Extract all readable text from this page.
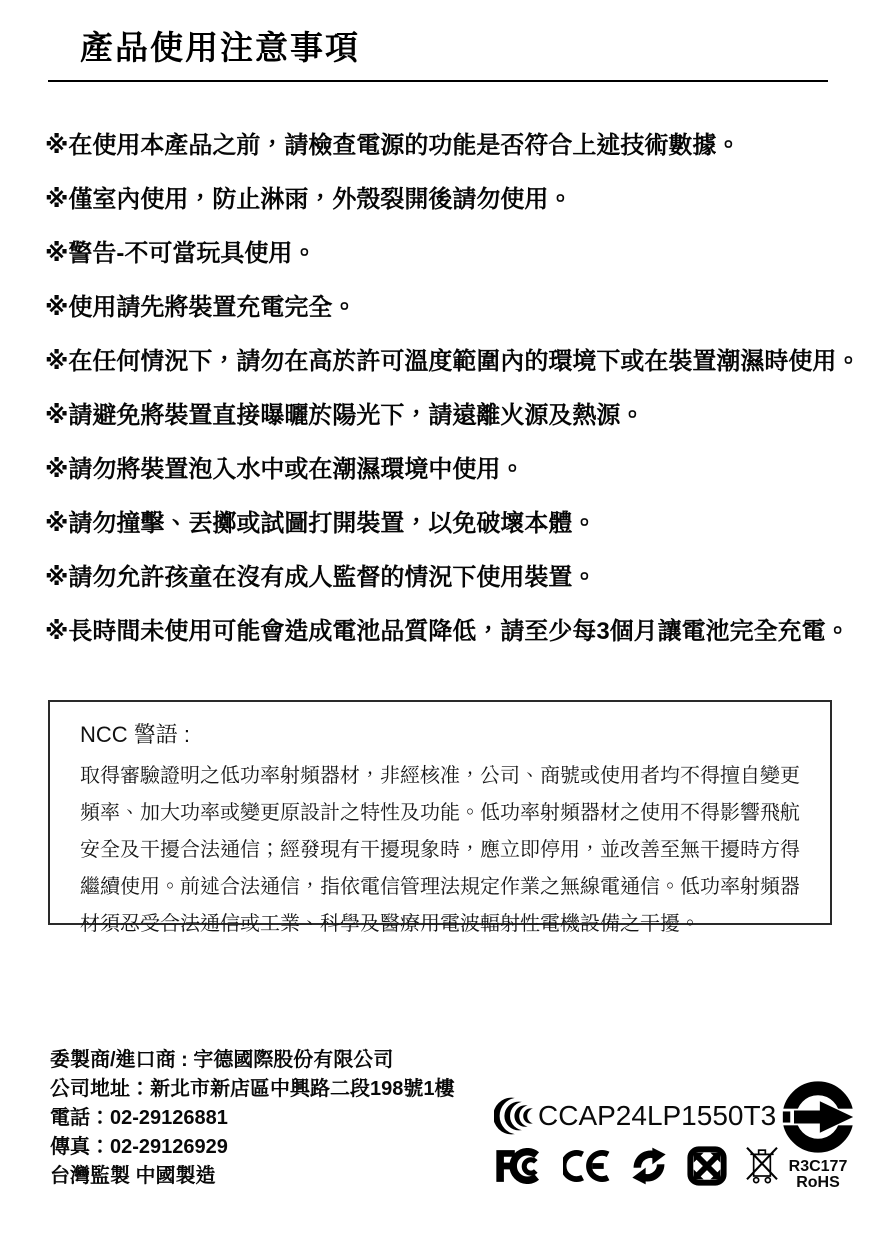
產品使用注意事項
※在使用本產品之前，請檢查電源的功能是否符合上述技術數據。
※僅室內使用，防止淋雨，外殼裂開後請勿使用。
※警告-不可當玩具使用。
※使用請先將裝置充電完全。
※在任何情況下，請勿在高於許可溫度範圍內的環境下或在裝置潮濕時使用。
※請避免將裝置直接曝曬於陽光下，請遠離火源及熱源。
※請勿將裝置泡入水中或在潮濕環境中使用。
※請勿撞擊、丟擲或試圖打開裝置，以免破壞本體。
※請勿允許孩童在沒有成人監督的情況下使用裝置。
※長時間未使用可能會造成電池品質降低，請至少每3個月讓電池完全充電。

NCC 警語 :

取得審驗證明之低功率射頻器材，非經核准，公司、商號或使用者均不得擅自變更頻率、加大功率或變更原設計之特性及功能。低功率射頻器材之使用不得影響飛航安全及干擾合法通信；經發現有干擾現象時，應立即停用，並改善至無干擾時方得繼續使用。前述合法通信，指依電信管理法規定作業之無線電通信。低功率射頻器材須忍受合法通信或工業、科學及醫療用電波輻射性電機設備之干擾。

委製商/進口商 : 宇德國際股份有限公司
公司地址：新北市新店區中興路二段198號1樓
電話：02-29126881
傳真：02-29126929
台灣監製 中國製造
CCAP24LP1550T3
R3C177
RoHS
